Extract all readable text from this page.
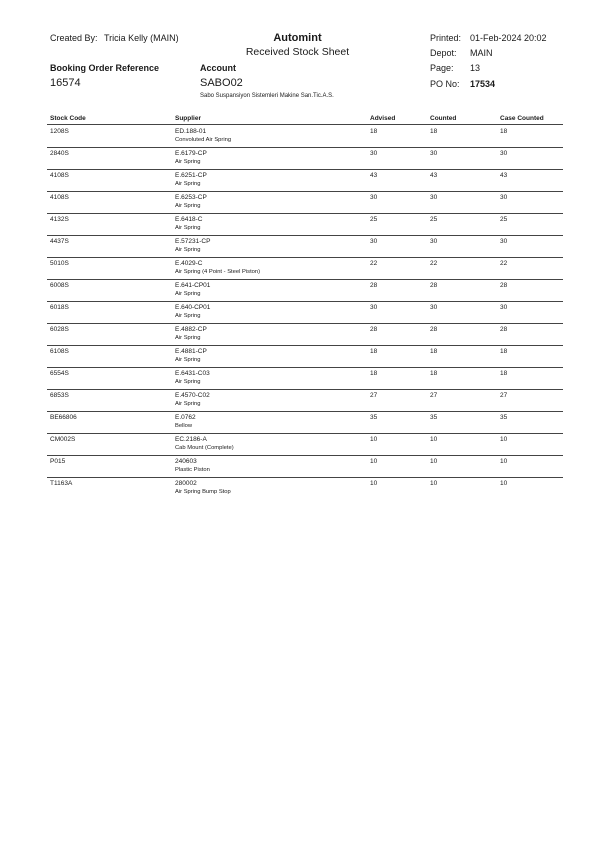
Created By: Tricia Kelly (MAIN)	Automint
Received Stock Sheet
Printed: 01-Feb-2024 20:02
Depot: MAIN
Page: 13
Booking Order Reference
16574
Account
SABO02
Sabo Suspansiyon Sistemleri Makine San.Tic.A.S.
PO No: 17534
Stock Code	Supplier	Advised	Counted	Case Counted
1208S	ED.188-01	18	18	18
Convoluted Air Spring
2840S	E.6179-CP	30	30	30
Air Spring
4108S	E.6251-CP	43	43	43
Air Spring
4108S	E.6253-CP	30	30	30
Air Spring
4132S	E.6418-C	25	25	25
Air Spring
4437S	E.57231-CP	30	30	30
Air Spring
5010S	E.4029-C	22	22	22
Air Spring (4 Point - Steel Piston)
6008S	E.641-CP01	28	28	28
Air Spring
6018S	E.640-CP01	30	30	30
Air Spring
6028S	E.4882-CP	28	28	28
Air Spring
6108S	E.4881-CP	18	18	18
Air Spring
6554S	E.6431-C03	18	18	18
Air Spring
6853S	E.4570-C02	27	27	27
Air Spring
BE66806	E.0762	35	35	35
Bellow
CM002S	EC.2186-A	10	10	10
Cab Mount (Complete)
P015	240603	10	10	10
Plastic Piston
T1163A	280002	10	10	10
Air Spring Bump Stop
